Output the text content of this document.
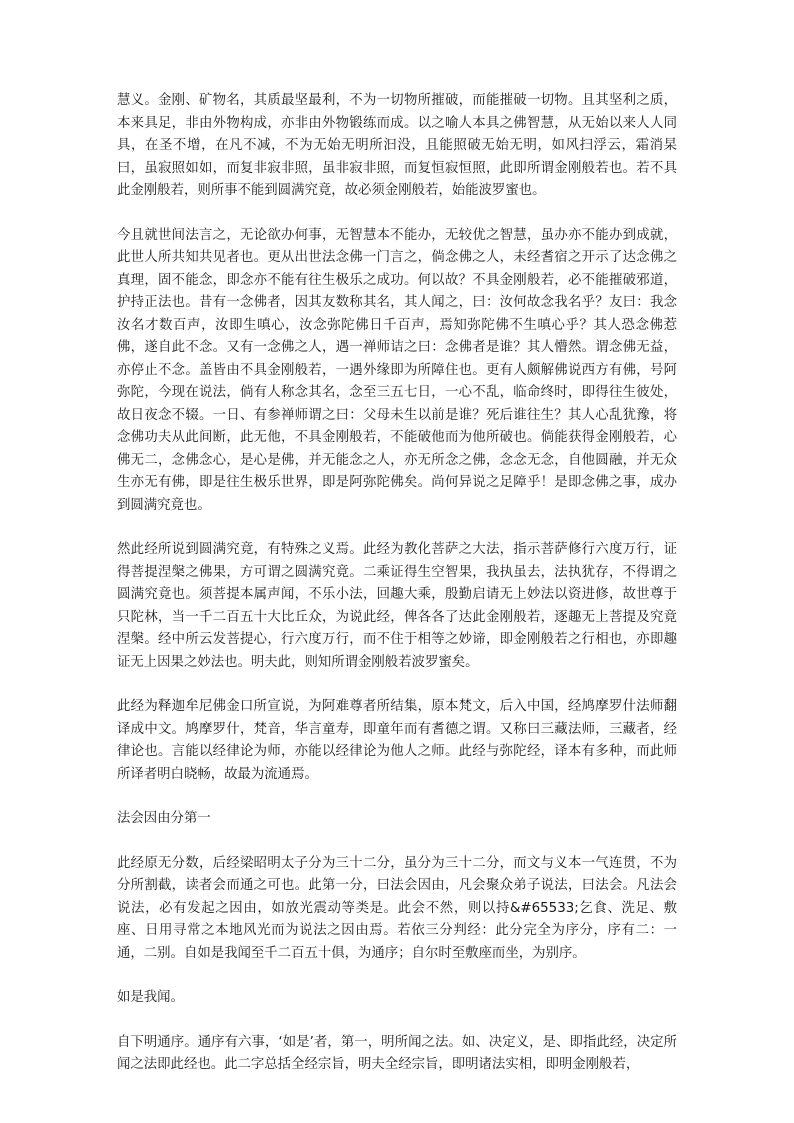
慧义。金刚、矿物名，其质最坚最利，不为一切物所摧破，而能摧破一切物。且其坚利之质，本来具足，非由外物构成，亦非由外物锻练而成。以之喻人本具之佛智慧，从无始以来人人同具，在圣不增，在凡不减，不为无始无明所汩没，且能照破无始无明，如风扫浮云，霜消杲曰，虽寂照如如，而复非寂非照，虽非寂非照，而复恒寂恒照，此即所谓金刚般若也。若不具此金刚般若，则所事不能到圆满究竟，故必须金刚般若，始能波罗蜜也。

今且就世间法言之，无论欲办何事，无智慧本不能办，无较优之智慧，虽办亦不能办到成就，此世人所共知共见者也。更从出世法念佛一门言之，倘念佛之人，未经耆宿之开示了达念佛之真理，固不能念，即念亦不能有往生极乐之成功。何以故？不具金刚般若，必不能摧破邪道，护持正法也。昔有一念佛者，因其友数称其名，其人闻之，曰：汝何故念我名乎？友曰：我念汝名才数百声，汝即生嗔心，汝念弥陀佛日千百声，焉知弥陀佛不生嗔心乎？其人恐念佛惹佛，遂自此不念。又有一念佛之人，遇一禅师诘之曰：念佛者是谁？其人懵然。谓念佛无益，亦停止不念。盖皆由不具金刚般若，一遇外缘即为所障住也。更有人颇解佛说西方有佛，号阿弥陀，今现在说法，倘有人称念其名，念至三五七日，一心不乱，临命终时，即得往生彼处，故日夜念不辍。一日、有参禅师谓之曰：父母未生以前是谁？死后谁往生？其人心乱犹豫，将念佛功夫从此间断，此无他，不具金刚般若，不能破他而为他所破也。倘能获得金刚般若，心佛无二，念佛念心，是心是佛，并无能念之人，亦无所念之佛，念念无念，自他圆融，并无众生亦无有佛，即是往生极乐世界，即是阿弥陀佛矣。尚何异说之足障乎！是即念佛之事，成办到圆满究竟也。

然此经所说到圆满究竟，有特殊之义焉。此经为教化菩萨之大法，指示菩萨修行六度万行，证得菩提涅槃之佛果，方可谓之圆满究竟。二乘证得生空智果，我执虽去，法执犹存，不得谓之圆满究竟也。须菩提本属声闻，不乐小法，回趣大乘，殷勤启请无上妙法以资进修，故世尊于只陀林，当一千二百五十大比丘众，为说此经，俾各各了达此金刚般若，逐趣无上菩提及究竟涅槃。经中所云发菩提心，行六度万行，而不住于相等之妙谛，即金刚般若之行相也，亦即趣证无上因果之妙法也。明夫此，则知所谓金刚般若波罗蜜矣。

此经为释迦牟尼佛金口所宣说，为阿难尊者所结集，原本梵文，后入中国，经鸠摩罗什法师翻译成中文。鸠摩罗什，梵音，华言童寿，即童年而有耆德之谓。又称曰三藏法师，三藏者，经律论也。言能以经律论为师，亦能以经律论为他人之师。此经与弥陀经，译本有多种，而此师所译者明白晓畅，故最为流通焉。

法会因由分第一

此经原无分数，后经梁昭明太子分为三十二分，虽分为三十二分，而文与义本一气连贯，不为分所割截，读者会而通之可也。此第一分，曰法会因由，凡会聚众弟子说法，曰法会。凡法会说法，必有发起之因由，如放光震动等类是。此会不然，则以持&#65533;乞食、洗足、敷座、日用寻常之本地风光而为说法之因由焉。若依三分判经：此分完全为序分，序有二：一通，二别。自如是我闻至千二百五十俱，为通序；自尔时至敷座而坐，为别序。

如是我闻。

自下明通序。通序有六事，‘如是’者，第一，明所闻之法。如、决定义，是、即指此经，决定所闻之法即此经也。此二字总括全经宗旨，明夫全经宗旨，即明诸法实相，即明金刚般若，
